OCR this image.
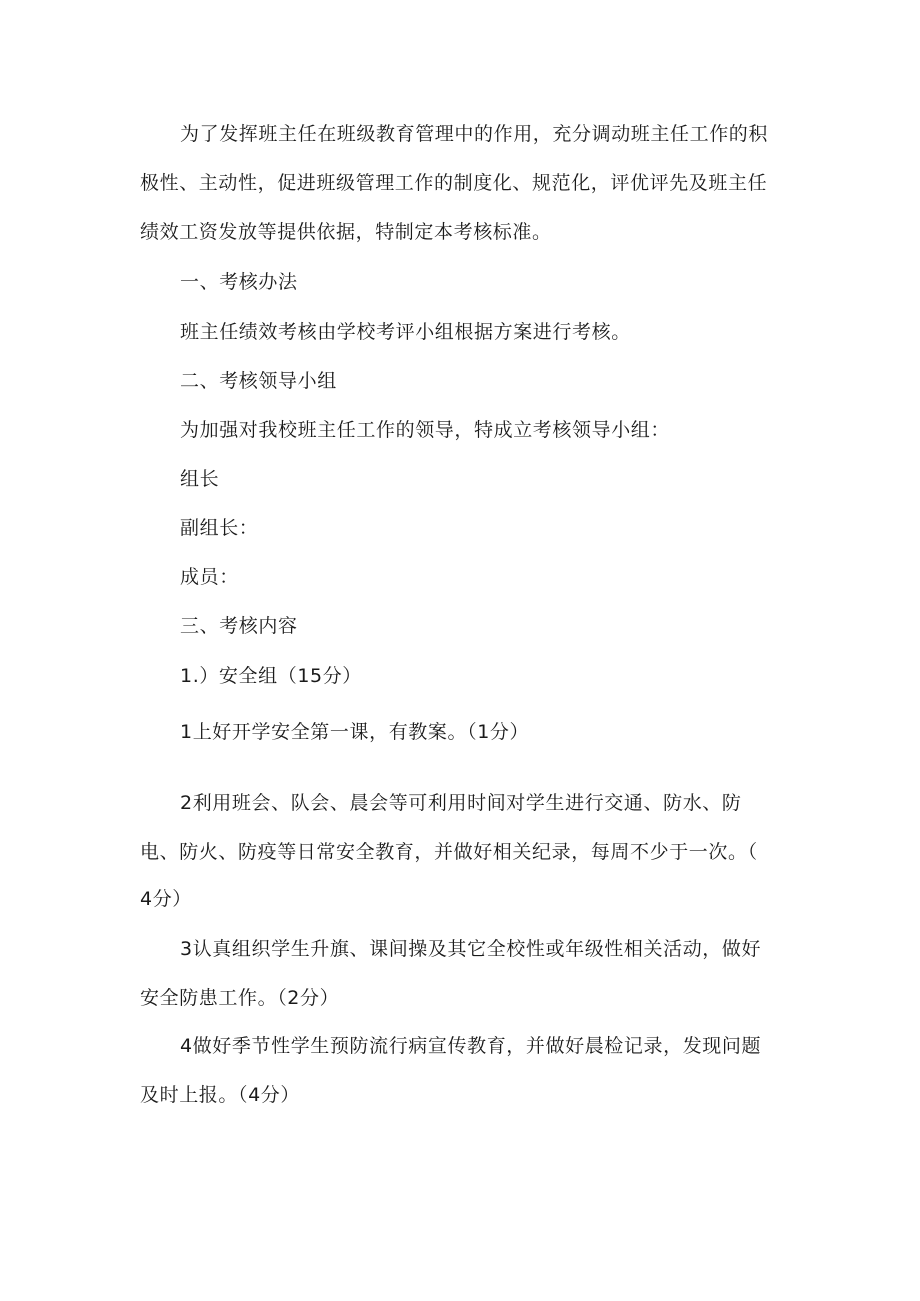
为了发挥班主任在班级教育管理中的作用，充分调动班主任工作的积
极性、主动性，促进班级管理工作的制度化、规范化，评优评先及班主任
绩效工资发放等提供依据，特制定本考核标准。
一、考核办法
班主任绩效考核由学校考评小组根据方案进行考核。
二、考核领导小组
为加强对我校班主任工作的领导，特成立考核领导小组：
组长
副组长：
成员：
三、考核内容
1.）安全组（15分）
1上好开学安全第一课，有教案。（1分）
2利用班会、队会、晨会等可利用时间对学生进行交通、防水、防
电、防火、防疫等日常安全教育，并做好相关纪录，每周不少于一次。（
4分）
3认真组织学生升旗、课间操及其它全校性或年级性相关活动，做好
安全防患工作。（2分）
4做好季节性学生预防流行病宣传教育，并做好晨检记录，发现问题
及时上报。（4分）
